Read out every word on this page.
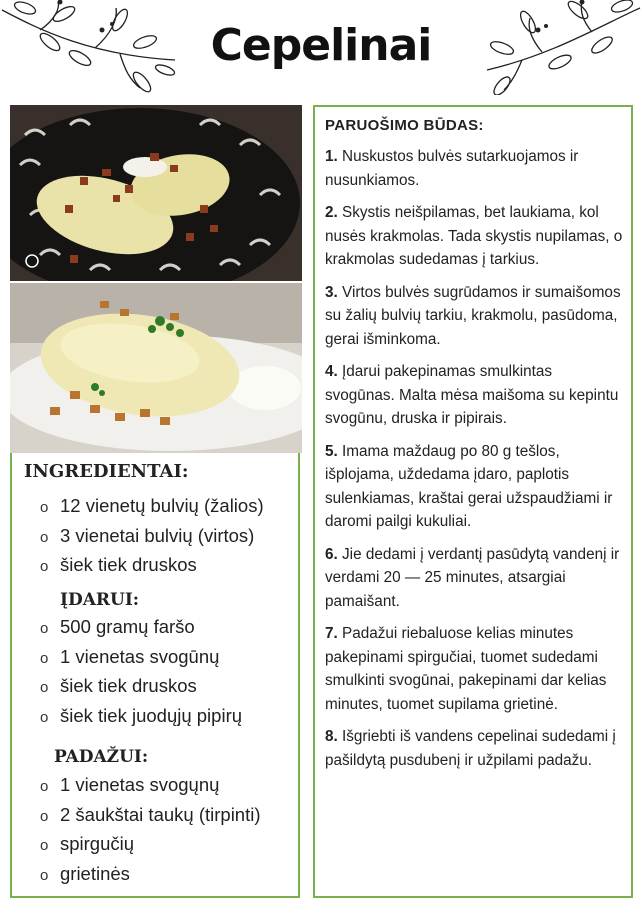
Cepelinai
INGREDIENTAI:
o 12 vienetų bulvių (žalios)
o 3 vienetai bulvių (virtos)
o šiek tiek druskos
ĮDARUI:
o 500 gramų faršo
o 1 vienetas svogūnų
o šiek tiek druskos
o šiek tiek juodųjų pipirų
PADAŽUI:
o 1 vienetas svogųnų
o 2 šaukštai taukų (tirpinti)
o spirgučių
o grietinės
PARUOŠIMO BŪDAS:
1. Nuskustos bulvės sutarkuojamos ir nusunkiamos.
2. Skystis neišpilamas, bet laukiama, kol nusės krakmolas. Tada skystis nupilamas, o krakmolas sudedamas į tarkius.
3. Virtos bulvės sugrūdamos ir sumaišomos su žalių bulvių tarkiu, krakmolu, pasūdoma, gerai išminkoma.
4. Įdarui pakepinamas smulkintas svogūnas. Malta mėsa maišoma su kepintu svogūnu, druska ir pipirais.
5. Imama maždaug po 80 g tešlos, išplojama, uždedama įdaro, paplotis sulenkiamas, kraštai gerai užspaudžiami ir daromi pailgi kukuliai.
6. Jie dedami į verdantį pasūdytą vandenį ir verdami 20 — 25 minutes, atsargiai pamaišant.
7. Padažui riebaluose kelias minutes pakepinami spirgučiai, tuomet sudedami smulkinti svogūnai, pakepinami dar kelias minutes, tuomet supilama grietinė.
8. Išgriebti iš vandens cepelinai sudedami į pašildytą pusdubenį ir užpilami padažu.
